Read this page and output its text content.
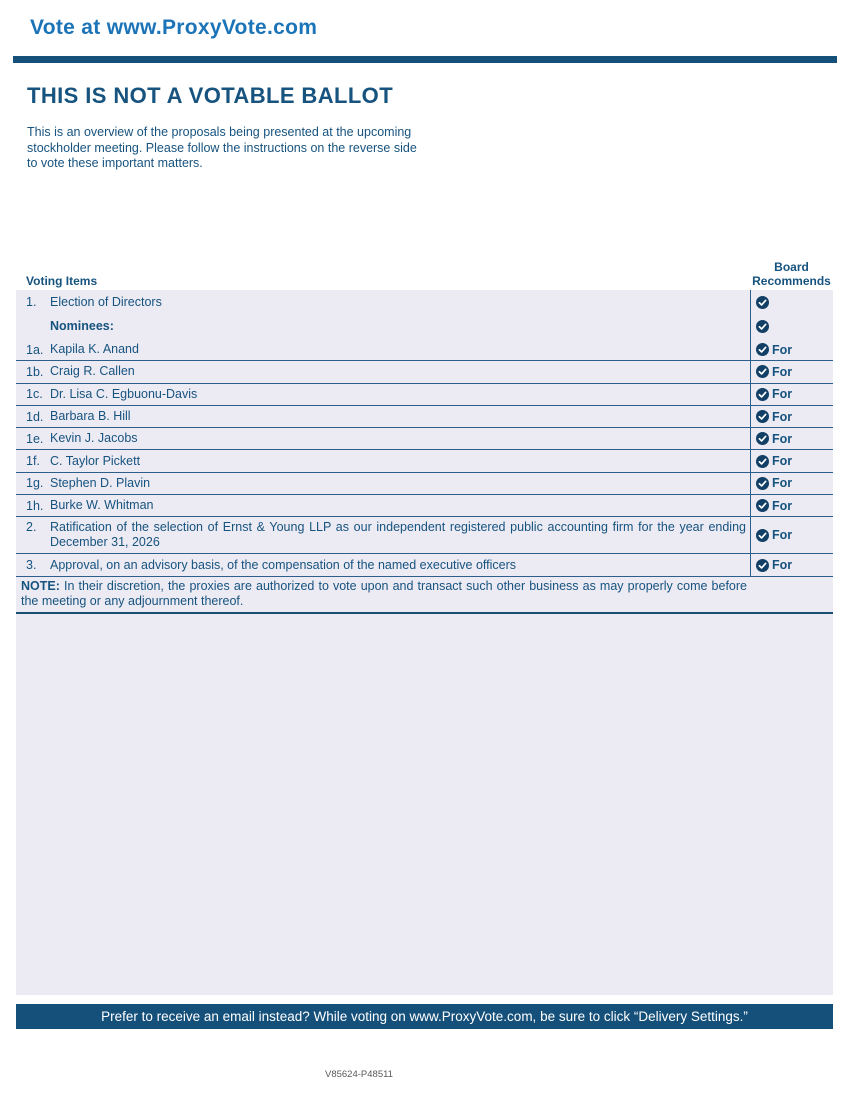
Vote at www.ProxyVote.com
THIS IS NOT A VOTABLE BALLOT

This is an overview of the proposals being presented at the upcoming stockholder meeting. Please follow the instructions on the reverse side to vote these important matters.

Voting Items
Board
Recommends
1.	Election of Directors
Nominees:
1a. Kapila K. Anand	For
1b. Craig R. Callen	For
1c. Dr. Lisa C. Egbuonu-Davis	For
1d. Barbara B. Hill	For
1e. Kevin J. Jacobs	For
1f. C. Taylor Pickett	For
1g. Stephen D. Plavin	For
1h. Burke W. Whitman	For
2.	Ratification of the selection of Ernst & Young LLP as our independent registered public accounting firm for the year ending December 31, 2026	For
3.	Approval, on an advisory basis, of the compensation of the named executive officers	For
NOTE: In their discretion, the proxies are authorized to vote upon and transact such other business as may properly come before the meeting or any adjournment thereof.
Prefer to receive an email instead? While voting on www.ProxyVote.com, be sure to click “Delivery Settings.”
V85624-P48511
